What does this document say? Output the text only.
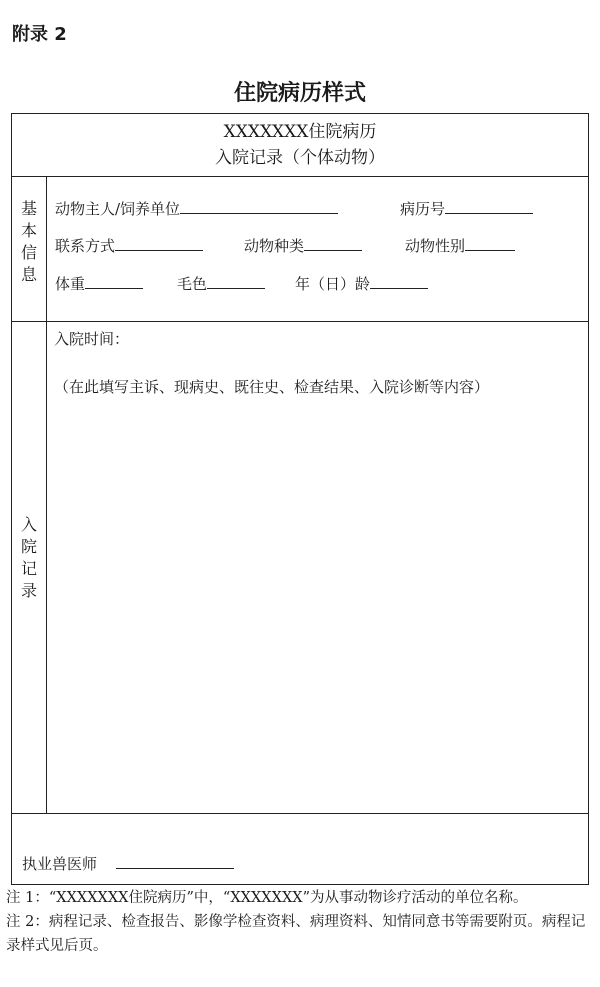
附录 2
住院病历样式
XXXXXXX住院病历
入院记录（个体动物）
基
本
信
息
动物主人/饲养单位	病历号
联系方式	动物种类	动物性别
体重	毛色	年（日）龄
入
院
记
录
入院时间：
（在此填写主诉、现病史、既往史、检查结果、入院诊断等内容）
执业兽医师

注 1：“XXXXXXX住院病历”中，“XXXXXXX”为从事动物诊疗活动的单位名称。

注 2：病程记录、检查报告、影像学检查资料、病理资料、知情同意书等需要附页。病程记录样式见后页。
